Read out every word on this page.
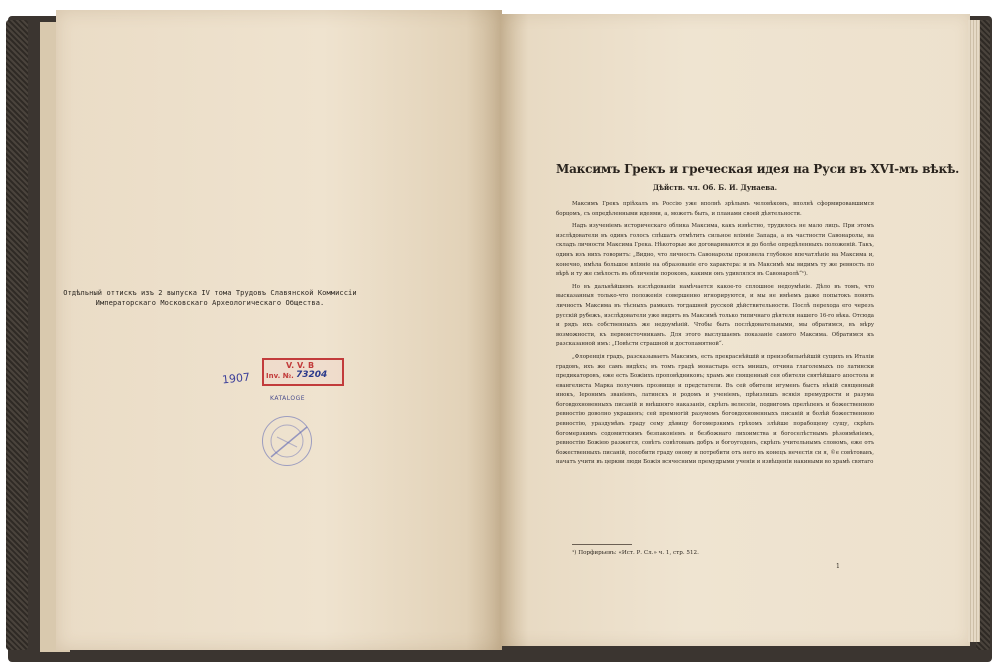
Отдѣльный оттискъ изъ 2 выпуска IV тома Трудовъ Славянской Коммиссіи Императорскаго Московскаго Археологическаго Общества.
1907
V. V. B
Inv. №. 73204
KATALOGE
Максимъ Грекъ и греческая идея на Руси въ XVI-мъ вѣкѣ.
Дѣйств. чл. Об. Б. И. Дунаева.

Максимъ Грекъ пріѣхалъ въ Россію уже вполнѣ зрѣлымъ человѣкомъ, вполнѣ сформировавшимся борцомъ, съ опредѣленными идеями, а, можетъ быть, и планами своей дѣятельности.

Надъ изученіемъ историческаго облика Максима, какъ извѣстно, трудилось не мало лицъ. При этомъ изслѣдователи въ одинъ голосъ спѣшатъ отмѣтить сильное вліяніе Запада, а въ частности Савонаролы, на складъ личности Максима Грека. Нѣкоторые же договариваются и до болѣе опредѣленныхъ положеній. Такъ, одинъ изъ нихъ говоритъ: „Видно, что личность Савонаролы произвела глубокое впечатлѣніе на Максима и, конечно, имѣла большое вліяніе на образованіе его характера: и въ Максимѣ мы видимъ ту же ревность по вѣрѣ и ту же смѣлость въ обличеніи пороковъ, какими онъ удивлялся въ Савонаролѣ“¹).

Но въ дальнѣйшемъ изслѣдованіи намѣчается какое-то сплошное недоумѣніе. Дѣло въ томъ, что высказанныя только-что положенія совершенно игнорируются, и мы не имѣемъ даже попытокъ понять личность Максима въ тѣсныхъ рамкахъ тогдашней русской дѣйствительности. Послѣ перехода его черезъ русскій рубежъ, изслѣдователи уже видятъ въ Максимѣ только типичнаго дѣятеля нашего 16-го вѣка. Отсюда и рядъ ихъ собственныхъ же недоумѣній. Чтобы быть послѣдовательными, мы обратимся, въ мѣру возможности, къ первоисточникамъ. Для этого выслушаемъ показаніе самого Максима. Обратимся къ разсказанной имъ: „Повѣсти страшной и достопамятной“.

„Флоренція градъ, разсказываетъ Максимъ, есть прекраснѣйшій и преизобильнѣйшій сущихъ въ Италіи градовъ, ихъ же самъ видѣхъ; въ томъ градѣ монастырь есть мнишъ, отчина глаголемыхъ по латински предикаторовъ, еже есть Божіихъ проповѣдниковъ; храмъ же священный сея обители святѣйшаго апостола и евангелиста Марка получивъ прозвище и предстатели. Въ сей обители игуменъ бысть нѣкій священный инокъ, Іеронимъ званіемъ, латинскъ и родомъ и ученіемъ, прѣизлишъ всякія премудрости и разума боговдохновенныхъ писаній и внѣшняго наказанія, скрѣпъ велесеіи, подвигомъ прелѣпенъ и божественною ревностію доволно украшенъ; сей премногій разумомъ боговдохновенныхъ писаній и болѣй божественною ревностію, ураздумѣвъ граду сему дѣвицу богомерзкимъ грѣхомъ злѣйше порабощену сущу, скрѣпъ богомерзкимъ содомитскимъ безпаконіемъ и безбожнаго лихоимства и богоселѣстнымъ рѣзоимѣніемъ, ревностію Божіею разжегся, совѣтъ совѣтовавъ добръ и богоугоденъ, скрѣпъ учительнымъ словомъ, еже отъ божественныхъ писаній, пособити граду оному и потребити отъ него въ конецъ нечестія си я, ©е совѣтовавъ, начатъ учити въ церкви люди Божія всячесними премудрыми ученіи и извѣщеніи накиными во храмѣ святаго

¹) Порфирьевъ: «Ист. Р. Сл.» ч. 1, стр. 512.
1
